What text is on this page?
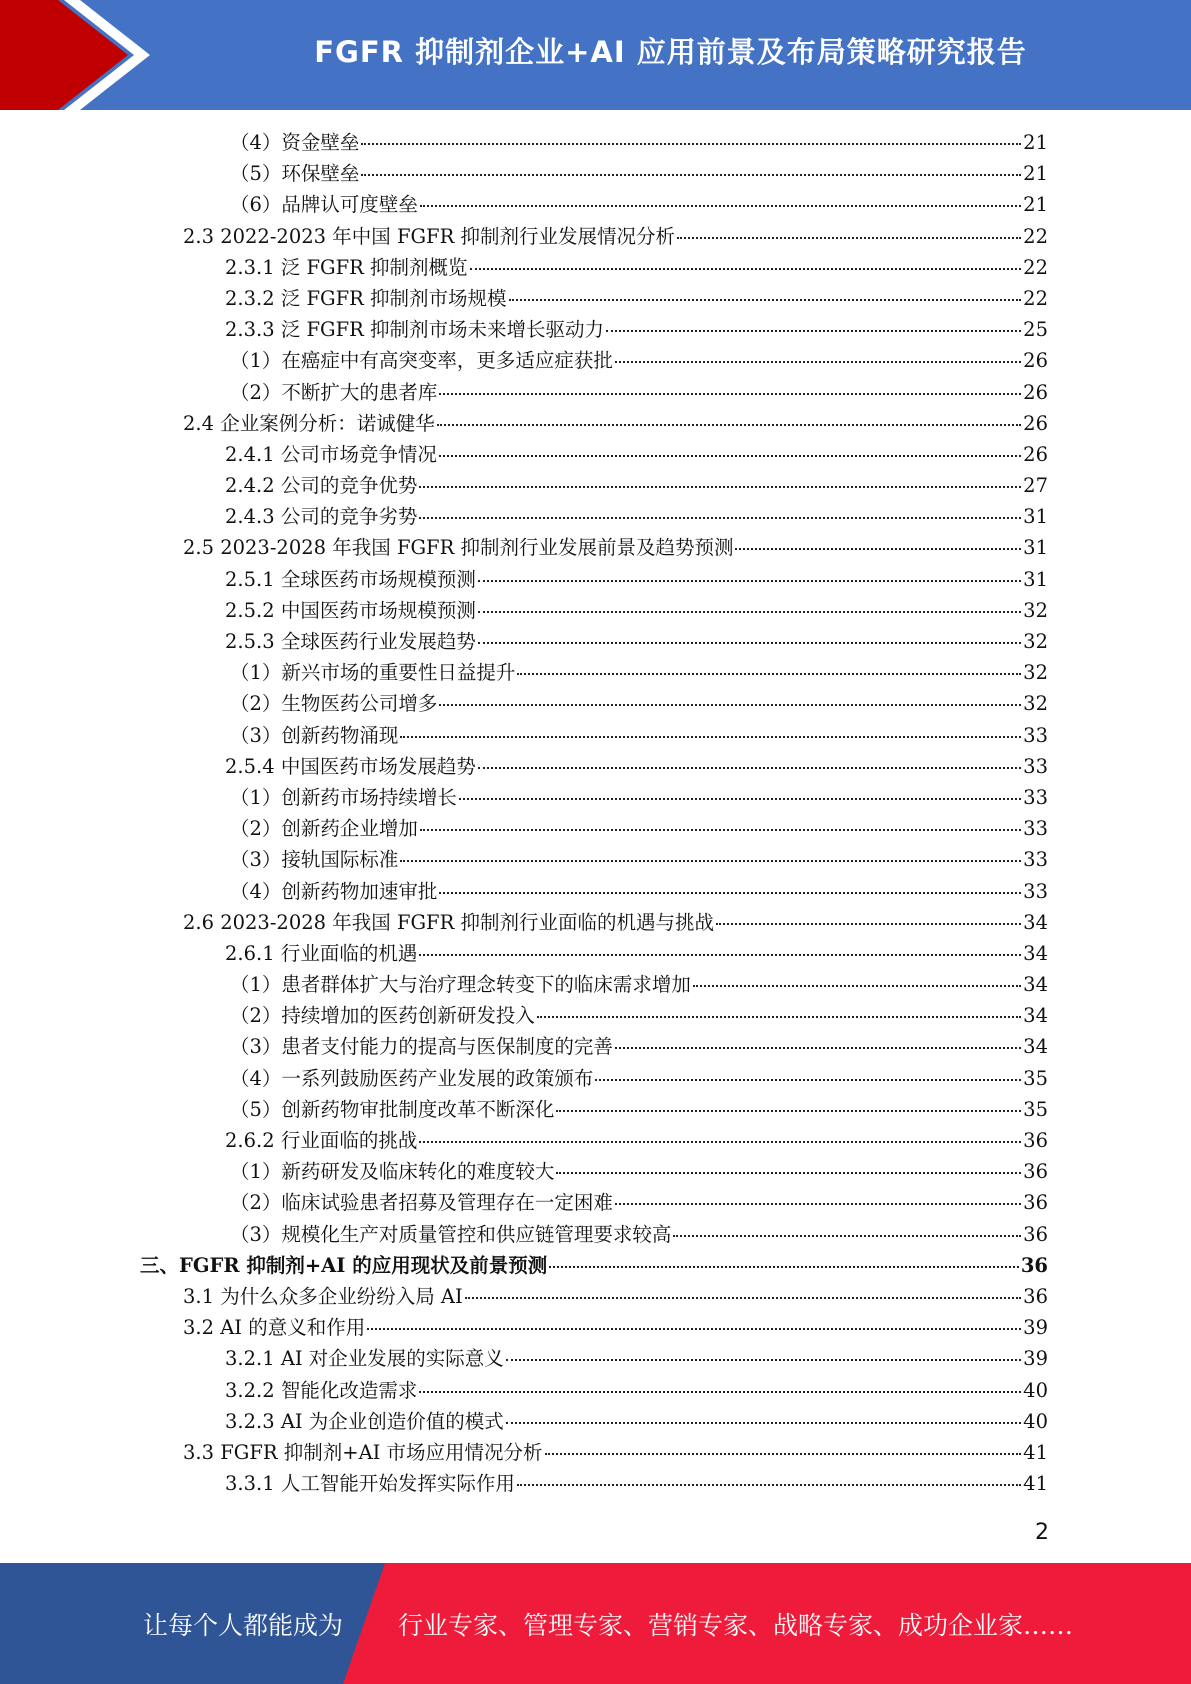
FGFR 抑制剂企业+AI 应用前景及布局策略研究报告
（4）资金壁垒	21
（5）环保壁垒	21
（6）品牌认可度壁垒	21
2.3 2022-2023 年中国 FGFR 抑制剂行业发展情况分析	22
2.3.1 泛 FGFR 抑制剂概览	22
2.3.2 泛 FGFR 抑制剂市场规模	22
2.3.3 泛 FGFR 抑制剂市场未来增长驱动力	25
（1）在癌症中有高突变率，更多适应症获批	26
（2）不断扩大的患者库	26
2.4 企业案例分析：诺诚健华	26
2.4.1 公司市场竞争情况	26
2.4.2 公司的竞争优势	27
2.4.3 公司的竞争劣势	31
2.5 2023-2028 年我国 FGFR 抑制剂行业发展前景及趋势预测	31
2.5.1 全球医药市场规模预测	31
2.5.2 中国医药市场规模预测	32
2.5.3 全球医药行业发展趋势	32
（1）新兴市场的重要性日益提升	32
（2）生物医药公司增多	32
（3）创新药物涌现	33
2.5.4 中国医药市场发展趋势	33
（1）创新药市场持续增长	33
（2）创新药企业增加	33
（3）接轨国际标准	33
（4）创新药物加速审批	33
2.6 2023-2028 年我国 FGFR 抑制剂行业面临的机遇与挑战	34
2.6.1 行业面临的机遇	34
（1）患者群体扩大与治疗理念转变下的临床需求增加	34
（2）持续增加的医药创新研发投入	34
（3）患者支付能力的提高与医保制度的完善	34
（4）一系列鼓励医药产业发展的政策颁布	35
（5）创新药物审批制度改革不断深化	35
2.6.2 行业面临的挑战	36
（1）新药研发及临床转化的难度较大	36
（2）临床试验患者招募及管理存在一定困难	36
（3）规模化生产对质量管控和供应链管理要求较高	36
三、FGFR 抑制剂+AI 的应用现状及前景预测	36
3.1 为什么众多企业纷纷入局 AI	36
3.2 AI 的意义和作用	39
3.2.1 AI 对企业发展的实际意义	39
3.2.2 智能化改造需求	40
3.2.3 AI 为企业创造价值的模式	40
3.3 FGFR 抑制剂+AI 市场应用情况分析	41
3.3.1 人工智能开始发挥实际作用	41
2
让每个人都能成为 行业专家、管理专家、营销专家、战略专家、成功企业家……
